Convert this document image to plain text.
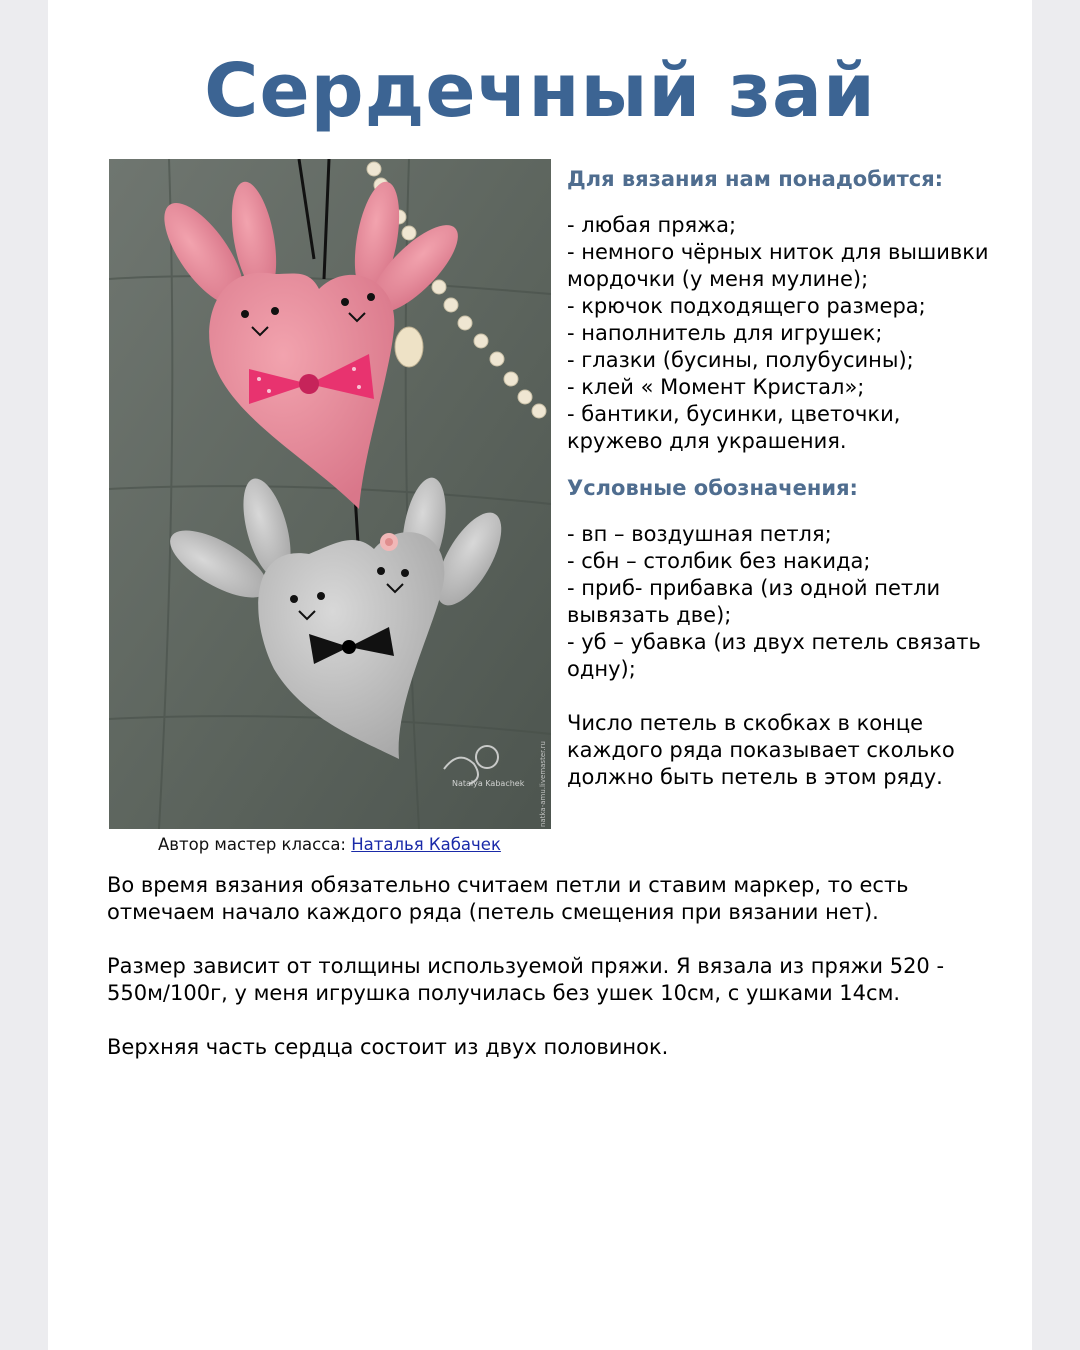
Сердечный зай
Natalya Kabachek natka-amu.livemaster.ru
Автор мастер класса: Наталья Кабачек
Для вязания нам понадобится:
- любая пряжа;
- немного чёрных ниток для вышивки мордочки (у меня мулине);
- крючок подходящего размера;
- наполнитель для игрушек;
- глазки (бусины, полубусины);
- клей « Момент Кристал»;
- бантики, бусинки, цветочки, кружево для украшения.
Условные обозначения:
- вп – воздушная петля;
- сбн – столбик без накида;
- приб- прибавка (из одной петли вывязать две);
- уб – убавка (из двух петель связать одну);

Число петель в скобках в конце каждого ряда показывает сколько должно быть петель в этом ряду.

Во время вязания обязательно считаем петли и ставим маркер, то есть отмечаем начало каждого ряда (петель смещения при вязании нет).

Размер зависит от толщины используемой пряжи. Я вязала из пряжи 520 - 550м/100г, у меня игрушка получилась без ушек 10см, с ушками 14см.

Верхняя часть сердца состоит из двух половинок.
